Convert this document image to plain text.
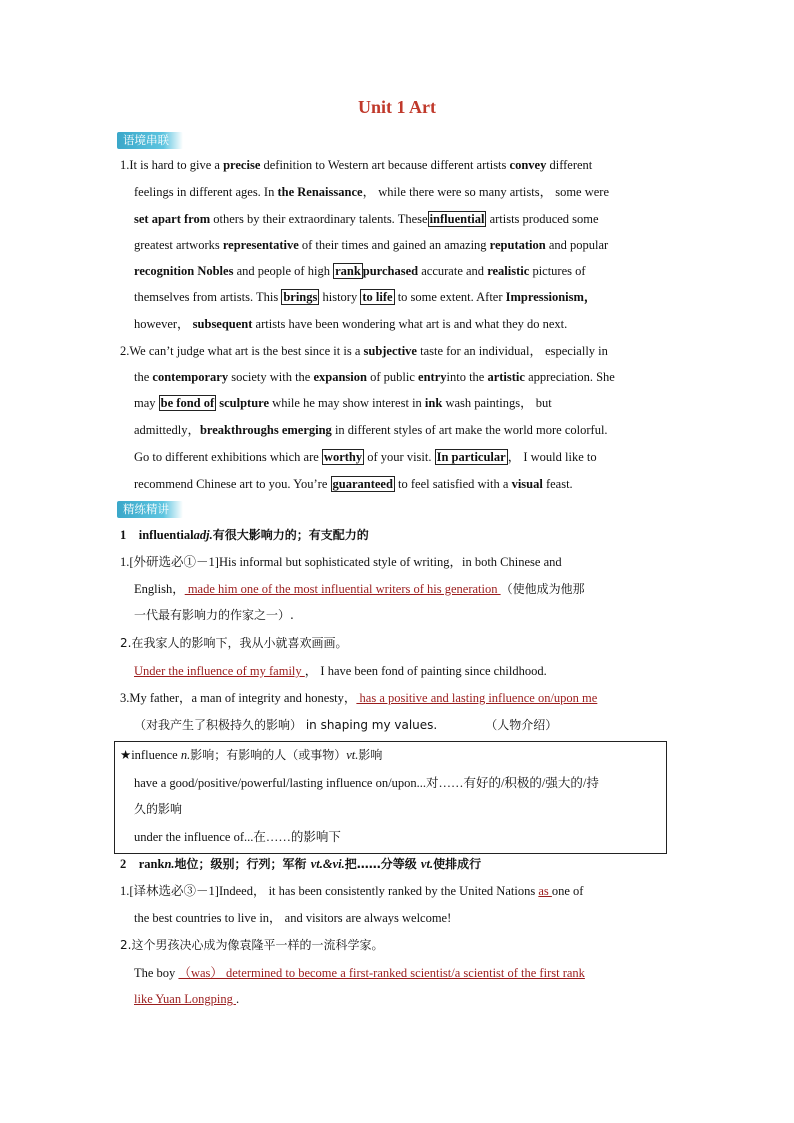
Unit 1 Art
语境串联
1.It is hard to give a precise definition to Western art because different artists convey different
feelings in different ages. In the Renaissance， while there were so many artists， some were
set apart from others by their extraordinary talents. These influential artists produced some
greatest artworks representative of their times and gained an amazing reputation and popular
recognition Nobles and people of high rank purchased accurate and realistic pictures of
themselves from artists. This brings history to life to some extent. After Impressionism，
however， subsequent artists have been wondering what art is and what they do next.
2.We can’t judge what art is the best since it is a subjective taste for an individual， especially in
the contemporary society with the expansion of public entryinto the artistic appreciation. She
may be fond of sculpture while he may show interest in ink wash paintings， but
admittedly，breakthroughs emerging in different styles of art make the world more colorful.
Go to different exhibitions which are worthy of your visit. In particular ， I would like to
recommend Chinese art to you. You’re guaranteed to feel satisfied with a visual feast.
精练精讲
1 influentialadj.有很大影响力的；有支配力的
1.[外研选必①－1]His informal but sophisticated style of writing，in both Chinese and
English， made him one of the most influential writers of his generation （使他成为他那
一代最有影响力的作家之一）.
2.在我家人的影响下，我从小就喜欢画画。
Under the influence of my family ， I have been fond of painting since childhood.
3.My father，a man of integrity and honesty， has a positive and lasting influence on/upon me
（对我产生了积极持久的影响） in shaping my values.	（人物介绍）
★influence n.影响；有影响的人（或事物）vt.影响
have a good/positive/powerful/lasting influence on/upon...对……有好的/积极的/强大的/持
久的影响
under the influence of...在……的影响下
2 rankn.地位；级别；行列；军衔 vt.&vi.把……分等级 vt.使排成行
1.[译林选必③－1]Indeed， it has been consistently ranked by the United Nations as one of
the best countries to live in， and visitors are always welcome!
2.这个男孩决心成为像袁隆平一样的一流科学家。
The boy （was） determined to become a first-ranked scientist/a scientist of the first rank
like Yuan Longping .
